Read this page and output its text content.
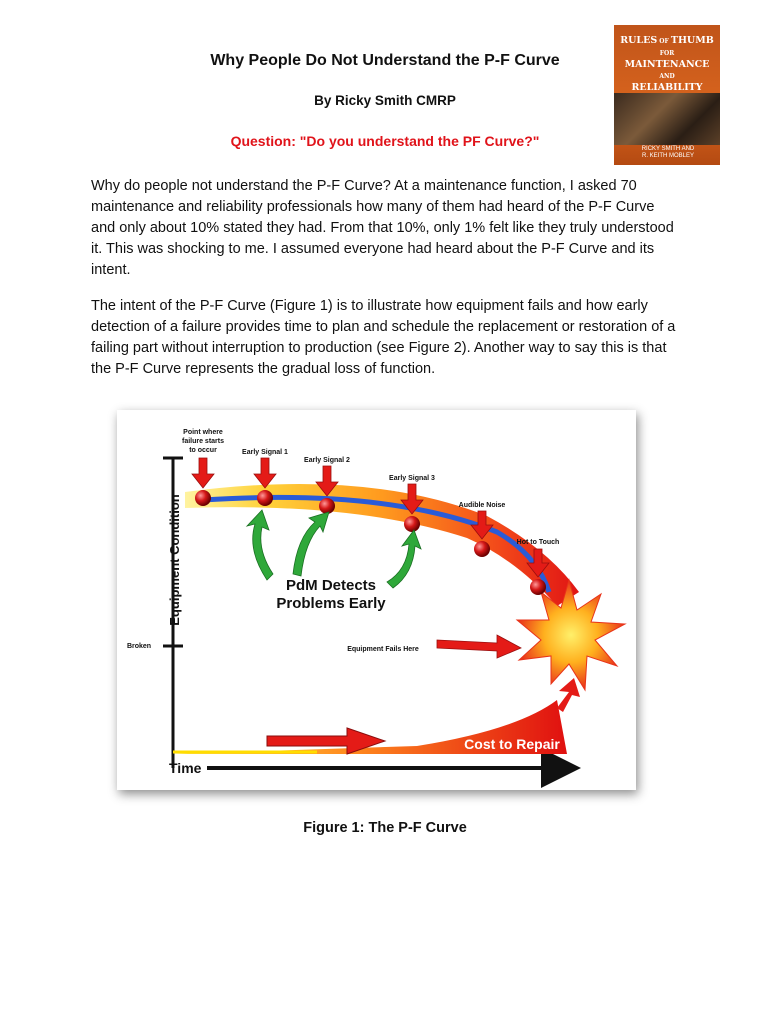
Why People Do Not Understand the P-F Curve
By Ricky Smith CMRP
Question: "Do you understand the PF Curve?"
RULES OF THUMB
FOR
MAINTENANCE AND
RELIABILITY

RICKY SMITH AND
R. KEITH MOBLEY

Why do people not understand the P-F Curve? At a maintenance function, I asked 70 maintenance and reliability professionals how many of them had heard of the P-F Curve and only about 10% stated they had. From that 10%, only 1% felt like they truly understood it. This was shocking to me. I assumed everyone had heard about the P-F Curve and its intent.

The intent of the P-F Curve (Figure 1) is to illustrate how equipment fails and how early detection of a failure provides time to plan and schedule the replacement or restoration of a failing part without interruption to production (see Figure 2). Another way to say this is that the P-F Curve represents the gradual loss of function.

Cost to Repair
Point where
failure starts
to occur	Early Signal 1
Early Signal 2
Early Signal 3
Audible Noise
Hot to Touch
Equipment Fails Here
Broken
PdM Detects
Problems Early
Equipment Condition
Time
Figure 1: The P-F Curve
